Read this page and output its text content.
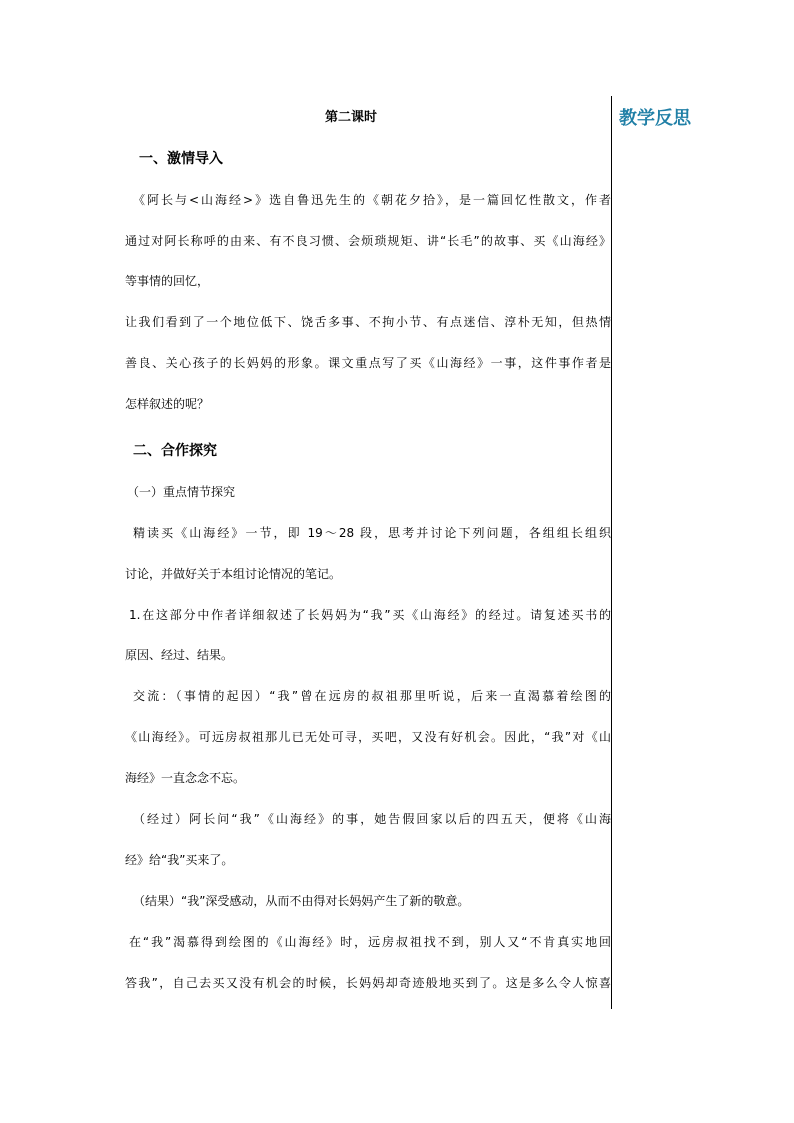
第二课时
一、激情导入
《阿长与<山海经>》选自鲁迅先生的《朝花夕拾》，是一篇回忆性散文，作者
通过对阿长称呼的由来、有不良习惯、会烦琐规矩、讲“长毛”的故事、买《山海经》
等事情的回忆，
让我们看到了一个地位低下、饶舌多事、不拘小节、有点迷信、淳朴无知，但热情
善良、关心孩子的长妈妈的形象。课文重点写了买《山海经》一事，这件事作者是
怎样叙述的呢？
二、合作探究
（一）重点情节探究
精读买《山海经》一节，即 19～28 段，思考并讨论下列问题，各组组长组织
讨论，并做好关于本组讨论情况的笔记。
1.在这部分中作者详细叙述了长妈妈为“我”买《山海经》的经过。请复述买书的
原因、经过、结果。
交流：（事情的起因）“我”曾在远房的叔祖那里听说，后来一直渴慕着绘图的
《山海经》。可远房叔祖那儿已无处可寻，买吧，又没有好机会。因此，“我”对《山
海经》一直念念不忘。
（经过）阿长问“我”《山海经》的事，她告假回家以后的四五天，便将《山海
经》给“我”买来了。
（结果）“我”深受感动，从而不由得对长妈妈产生了新的敬意。
在“我”渴慕得到绘图的《山海经》时，远房叔祖找不到，别人又“不肯真实地回
答我”，自己去买又没有机会的时候，长妈妈却奇迹般地买到了。这是多么令人惊喜
教学反思
